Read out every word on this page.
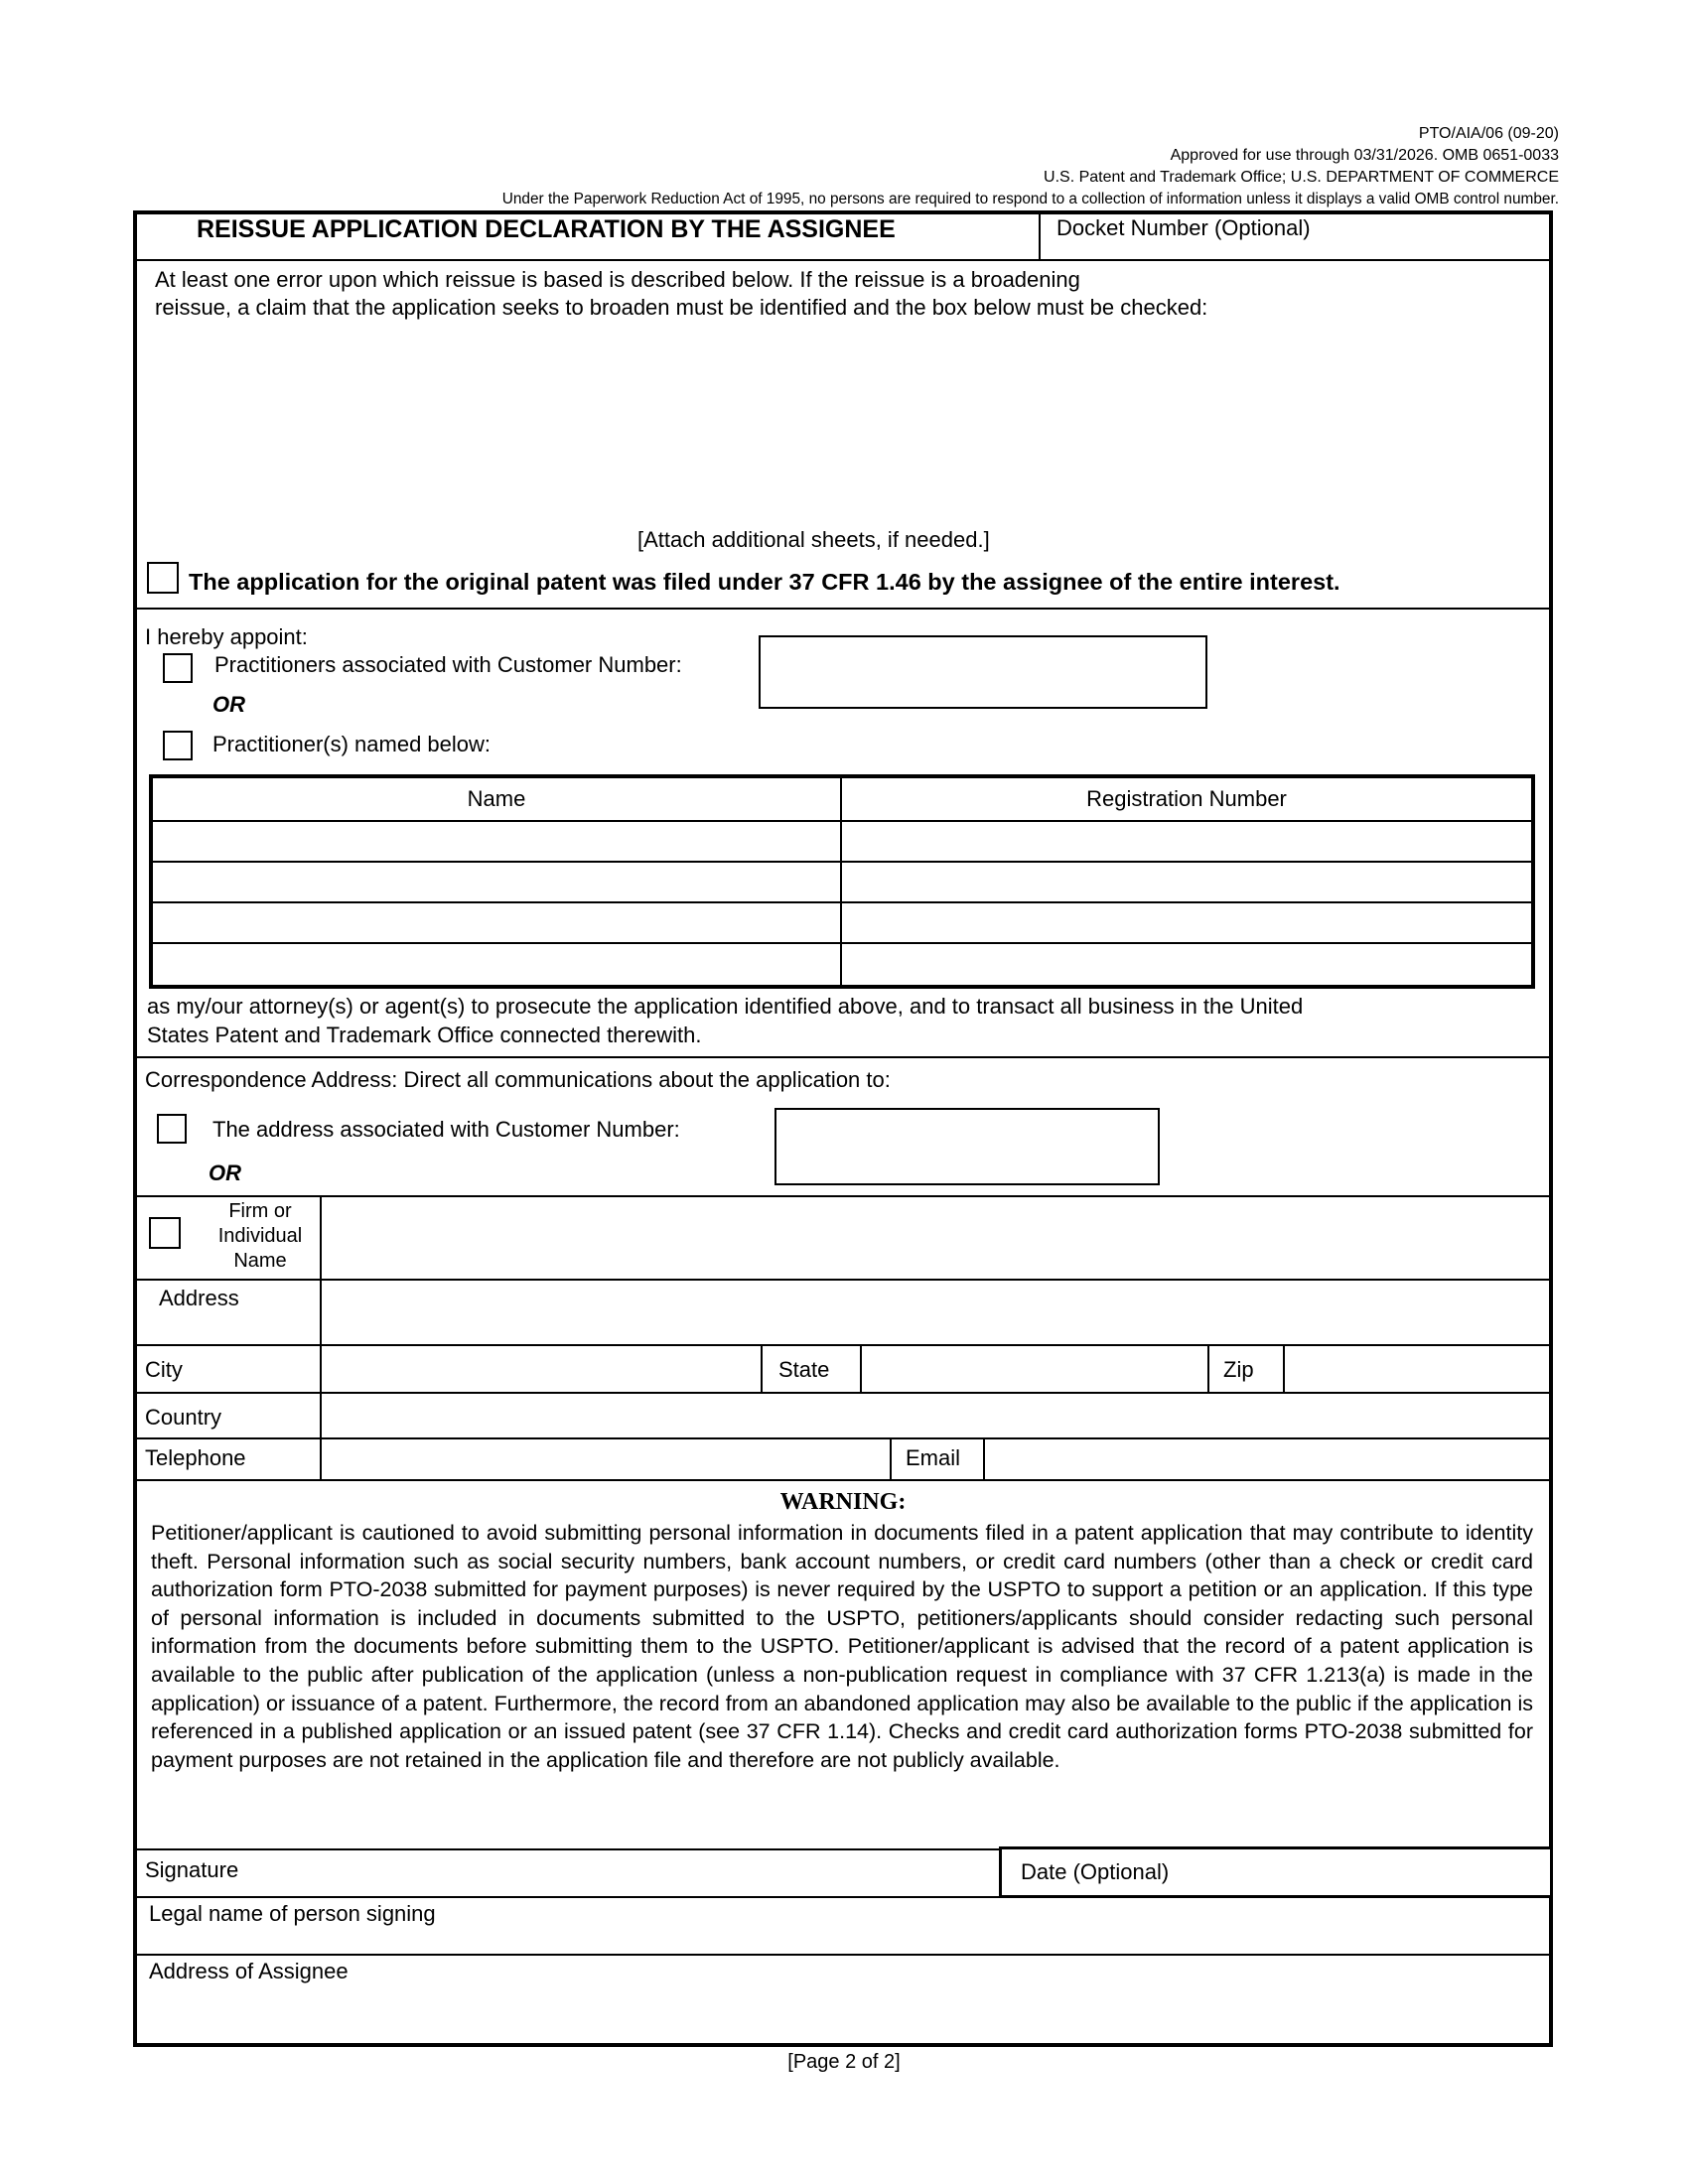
PTO/AIA/06 (09-20)
Approved for use through 03/31/2026. OMB 0651-0033
U.S. Patent and Trademark Office; U.S. DEPARTMENT OF COMMERCE
Under the Paperwork Reduction Act of 1995, no persons are required to respond to a collection of information unless it displays a valid OMB control number.
REISSUE APPLICATION DECLARATION BY THE ASSIGNEE	Docket Number (Optional)
At least one error upon which reissue is based is described below. If the reissue is a broadening
reissue, a claim that the application seeks to broaden must be identified and the box below must be checked:
[Attach additional sheets, if needed.]
The application for the original patent was filed under 37 CFR 1.46 by the assignee of the entire interest.
I hereby appoint:
Practitioners associated with Customer Number:
OR
Practitioner(s) named below:
Name	Registration Number
as my/our attorney(s) or agent(s) to prosecute the application identified above, and to transact all business in the United
States Patent and Trademark Office connected therewith.
Correspondence Address: Direct all communications about the application to:
The address associated with Customer Number:
OR
Firm or
Individual
Name
Address
City	State	Zip
Country
Telephone	Email
WARNING:
Petitioner/applicant is cautioned to avoid submitting personal information in documents filed in a patent application that may contribute to identity theft. Personal information such as social security numbers, bank account numbers, or credit card numbers (other than a check or credit card authorization form PTO-2038 submitted for payment purposes) is never required by the USPTO to support a petition or an application. If this type of personal information is included in documents submitted to the USPTO, petitioners/applicants should consider redacting such personal information from the documents before submitting them to the USPTO. Petitioner/applicant is advised that the record of a patent application is available to the public after publication of the application (unless a non-publication request in compliance with 37 CFR 1.213(a) is made in the application) or issuance of a patent. Furthermore, the record from an abandoned application may also be available to the public if the application is referenced in a published application or an issued patent (see 37 CFR 1.14). Checks and credit card authorization forms PTO-2038 submitted for payment purposes are not retained in the application file and therefore are not publicly available.
Signature	Date (Optional)
Legal name of person signing
Address of Assignee
[Page 2 of 2]
